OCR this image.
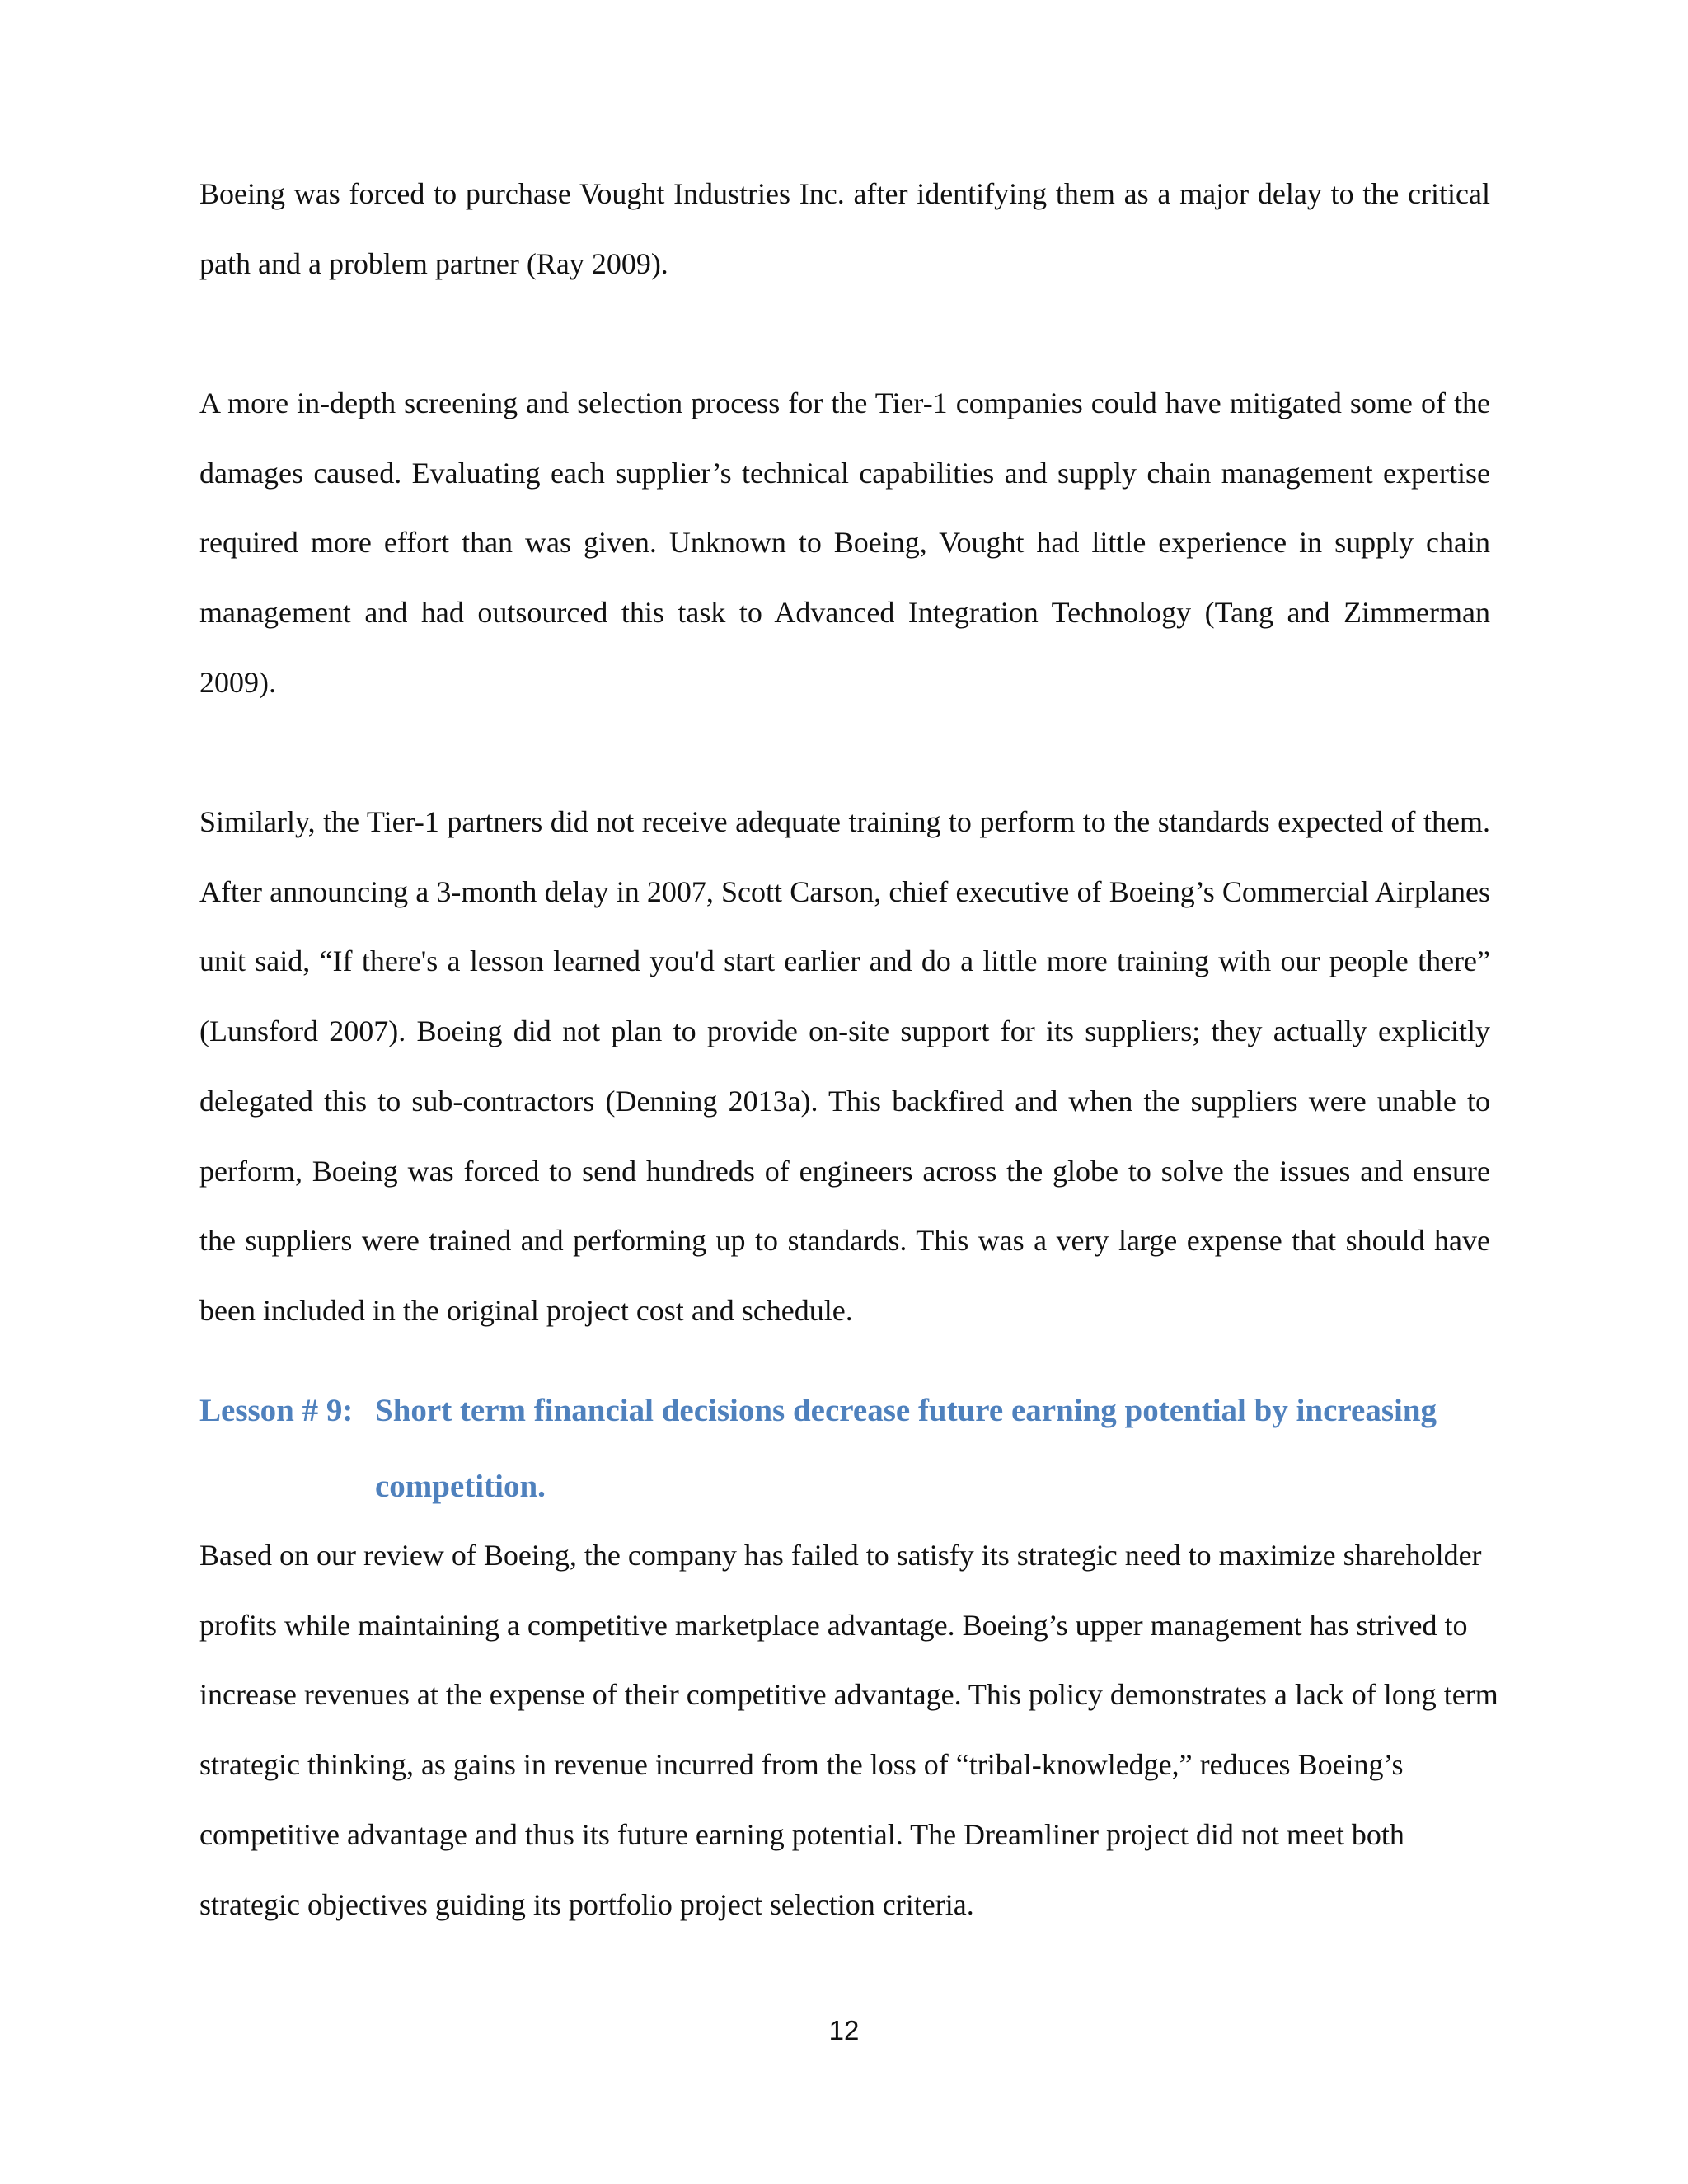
Boeing was forced to purchase Vought Industries Inc. after identifying them as a major delay to the critical path and a problem partner (Ray 2009).

A more in-depth screening and selection process for the Tier-1 companies could have mitigated some of the damages caused. Evaluating each supplier’s technical capabilities and supply chain management expertise required more effort than was given. Unknown to Boeing, Vought had little experience in supply chain management and had outsourced this task to Advanced Integration Technology (Tang and Zimmerman 2009).

Similarly, the Tier-1 partners did not receive adequate training to perform to the standards expected of them. After announcing a 3-month delay in 2007, Scott Carson, chief executive of Boeing’s Commercial Airplanes unit said, “If there's a lesson learned you'd start earlier and do a little more training with our people there” (Lunsford 2007). Boeing did not plan to provide on-site support for its suppliers; they actually explicitly delegated this to sub-contractors (Denning 2013a). This backfired and when the suppliers were unable to perform, Boeing was forced to send hundreds of engineers across the globe to solve the issues and ensure the suppliers were trained and performing up to standards. This was a very large expense that should have been included in the original project cost and schedule.

Lesson # 9: Short term financial decisions decrease future earning potential by increasing competition.

Based on our review of Boeing, the company has failed to satisfy its strategic need to maximize shareholder profits while maintaining a competitive marketplace advantage. Boeing’s upper management has strived to increase revenues at the expense of their competitive advantage. This policy demonstrates a lack of long term strategic thinking, as gains in revenue incurred from the loss of “tribal-knowledge,” reduces Boeing’s competitive advantage and thus its future earning potential. The Dreamliner project did not meet both strategic objectives guiding its portfolio project selection criteria.

12
